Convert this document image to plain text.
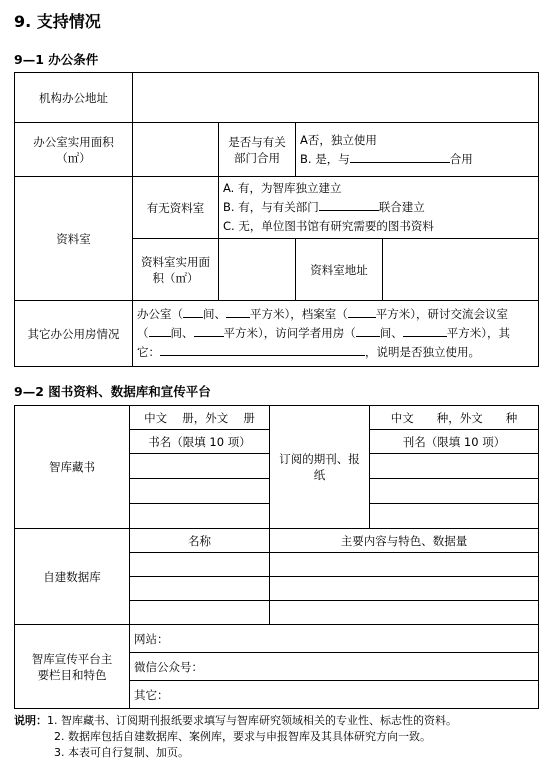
9. 支持情况
9—1 办公条件
机构办公地址				
办公室实用面积（㎡）		是否与有关部门合用	A否，独立使用
B. 是，与 合用	

资料室	有无资料室	A. 有，为智库独立建立
B. 有，与有关部门 联合建立
C. 无，单位图书馆有研究需要的图书资料		

	资料室实用面积（㎡）		资料室地址	
其它办公用房情况	办公室（ 间、 平方米），档案室（ 平方米），研讨交流会议室
（ 间、 平方米），访问学者用房（ 间、 平方米），其
它： ，说明是否独立使用。			
9—2 图书资料、数据库和宣传平台
智库藏书	中文　 册，外文　 册	订阅的期刊、报纸	中文　　种，外文　　种
	书名（限填 10 项）		刊名（限填 10 项）

自建数据库	名称	主要内容与特色、数据量	

智库宣传平台主要栏目和特色	网站：		
	微信公众号：		
	其它：		
说明：1. 智库藏书、订阅期刊报纸要求填写与智库研究领域相关的专业性、标志性的资料。
2. 数据库包括自建数据库、案例库，要求与申报智库及其具体研究方向一致。
3. 本表可自行复制、加页。
